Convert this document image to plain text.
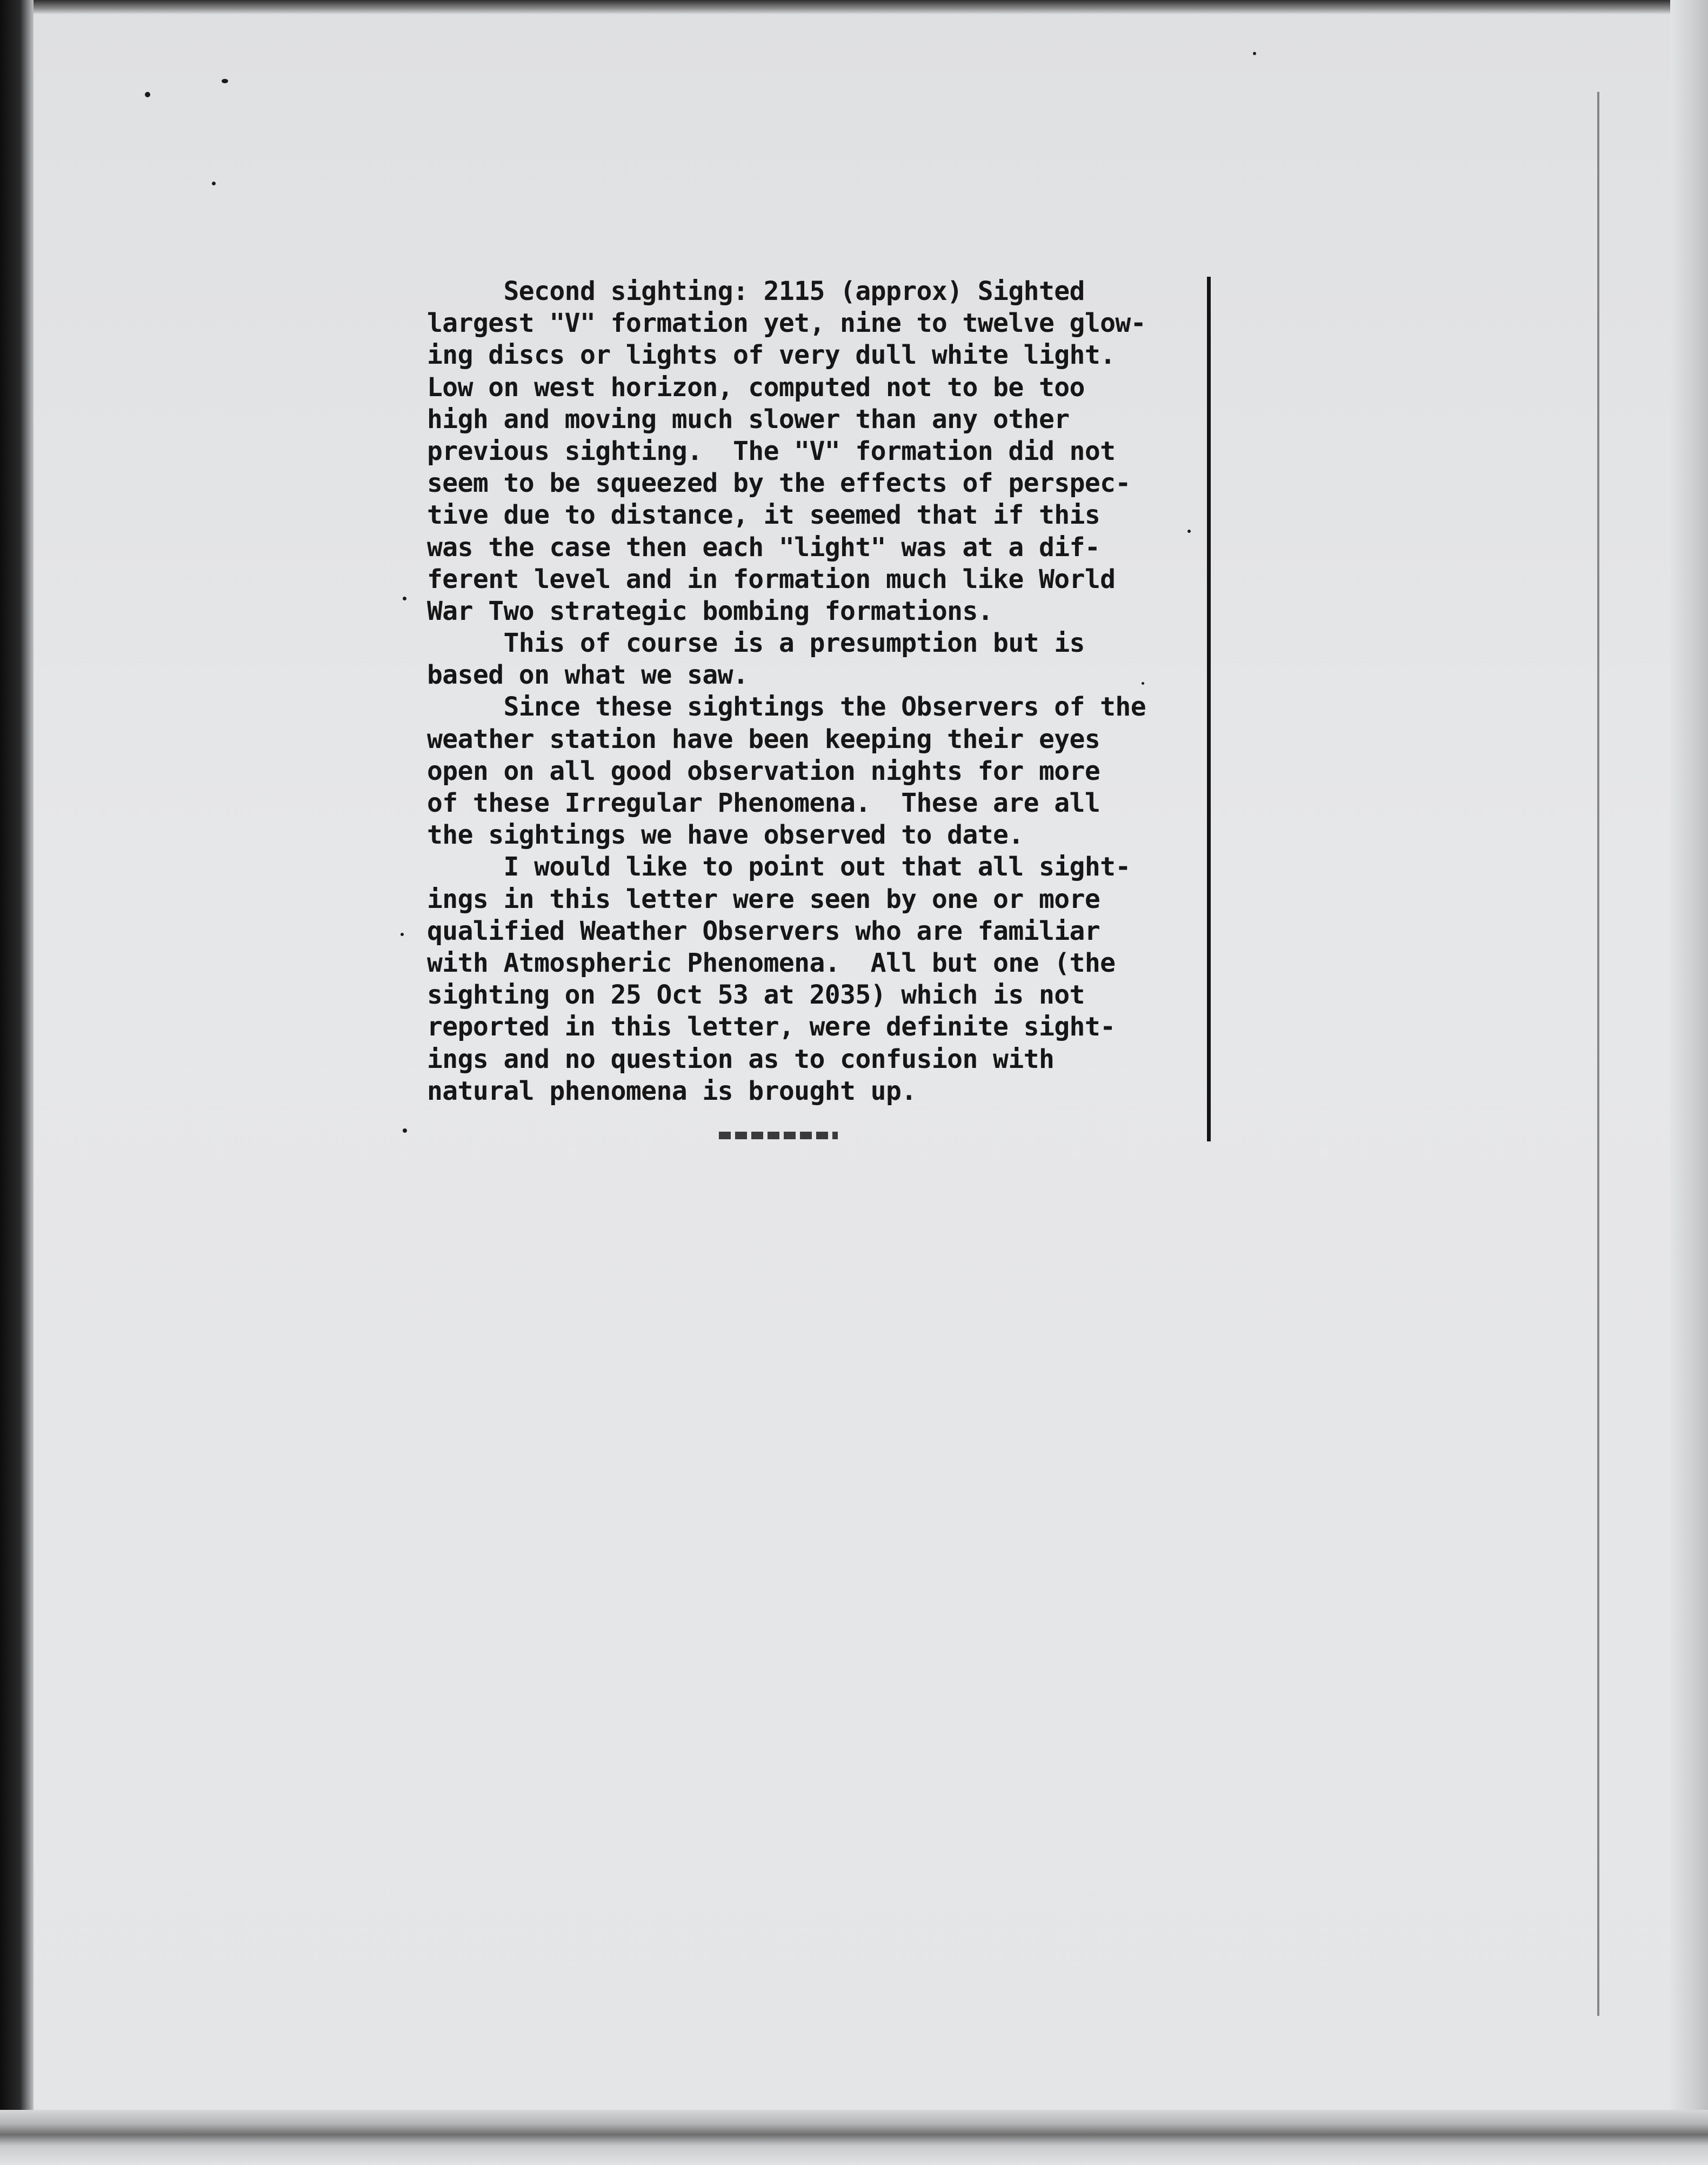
Second sighting: 2115 (approx) Sighted
largest "V" formation yet, nine to twelve glow-
ing discs or lights of very dull white light.
Low on west horizon, computed not to be too
high and moving much slower than any other
previous sighting.  The "V" formation did not
seem to be squeezed by the effects of perspec-
tive due to distance, it seemed that if this
was the case then each "light" was at a dif-
ferent level and in formation much like World
War Two strategic bombing formations.
This of course is a presumption but is
based on what we saw.
Since these sightings the Observers of the
weather station have been keeping their eyes
open on all good observation nights for more
of these Irregular Phenomena.  These are all
the sightings we have observed to date.
I would like to point out that all sight-
ings in this letter were seen by one or more
qualified Weather Observers who are familiar
with Atmospheric Phenomena.  All but one (the
sighting on 25 Oct 53 at 2035) which is not
reported in this letter, were definite sight-
ings and no question as to confusion with
natural phenomena is brought up.
